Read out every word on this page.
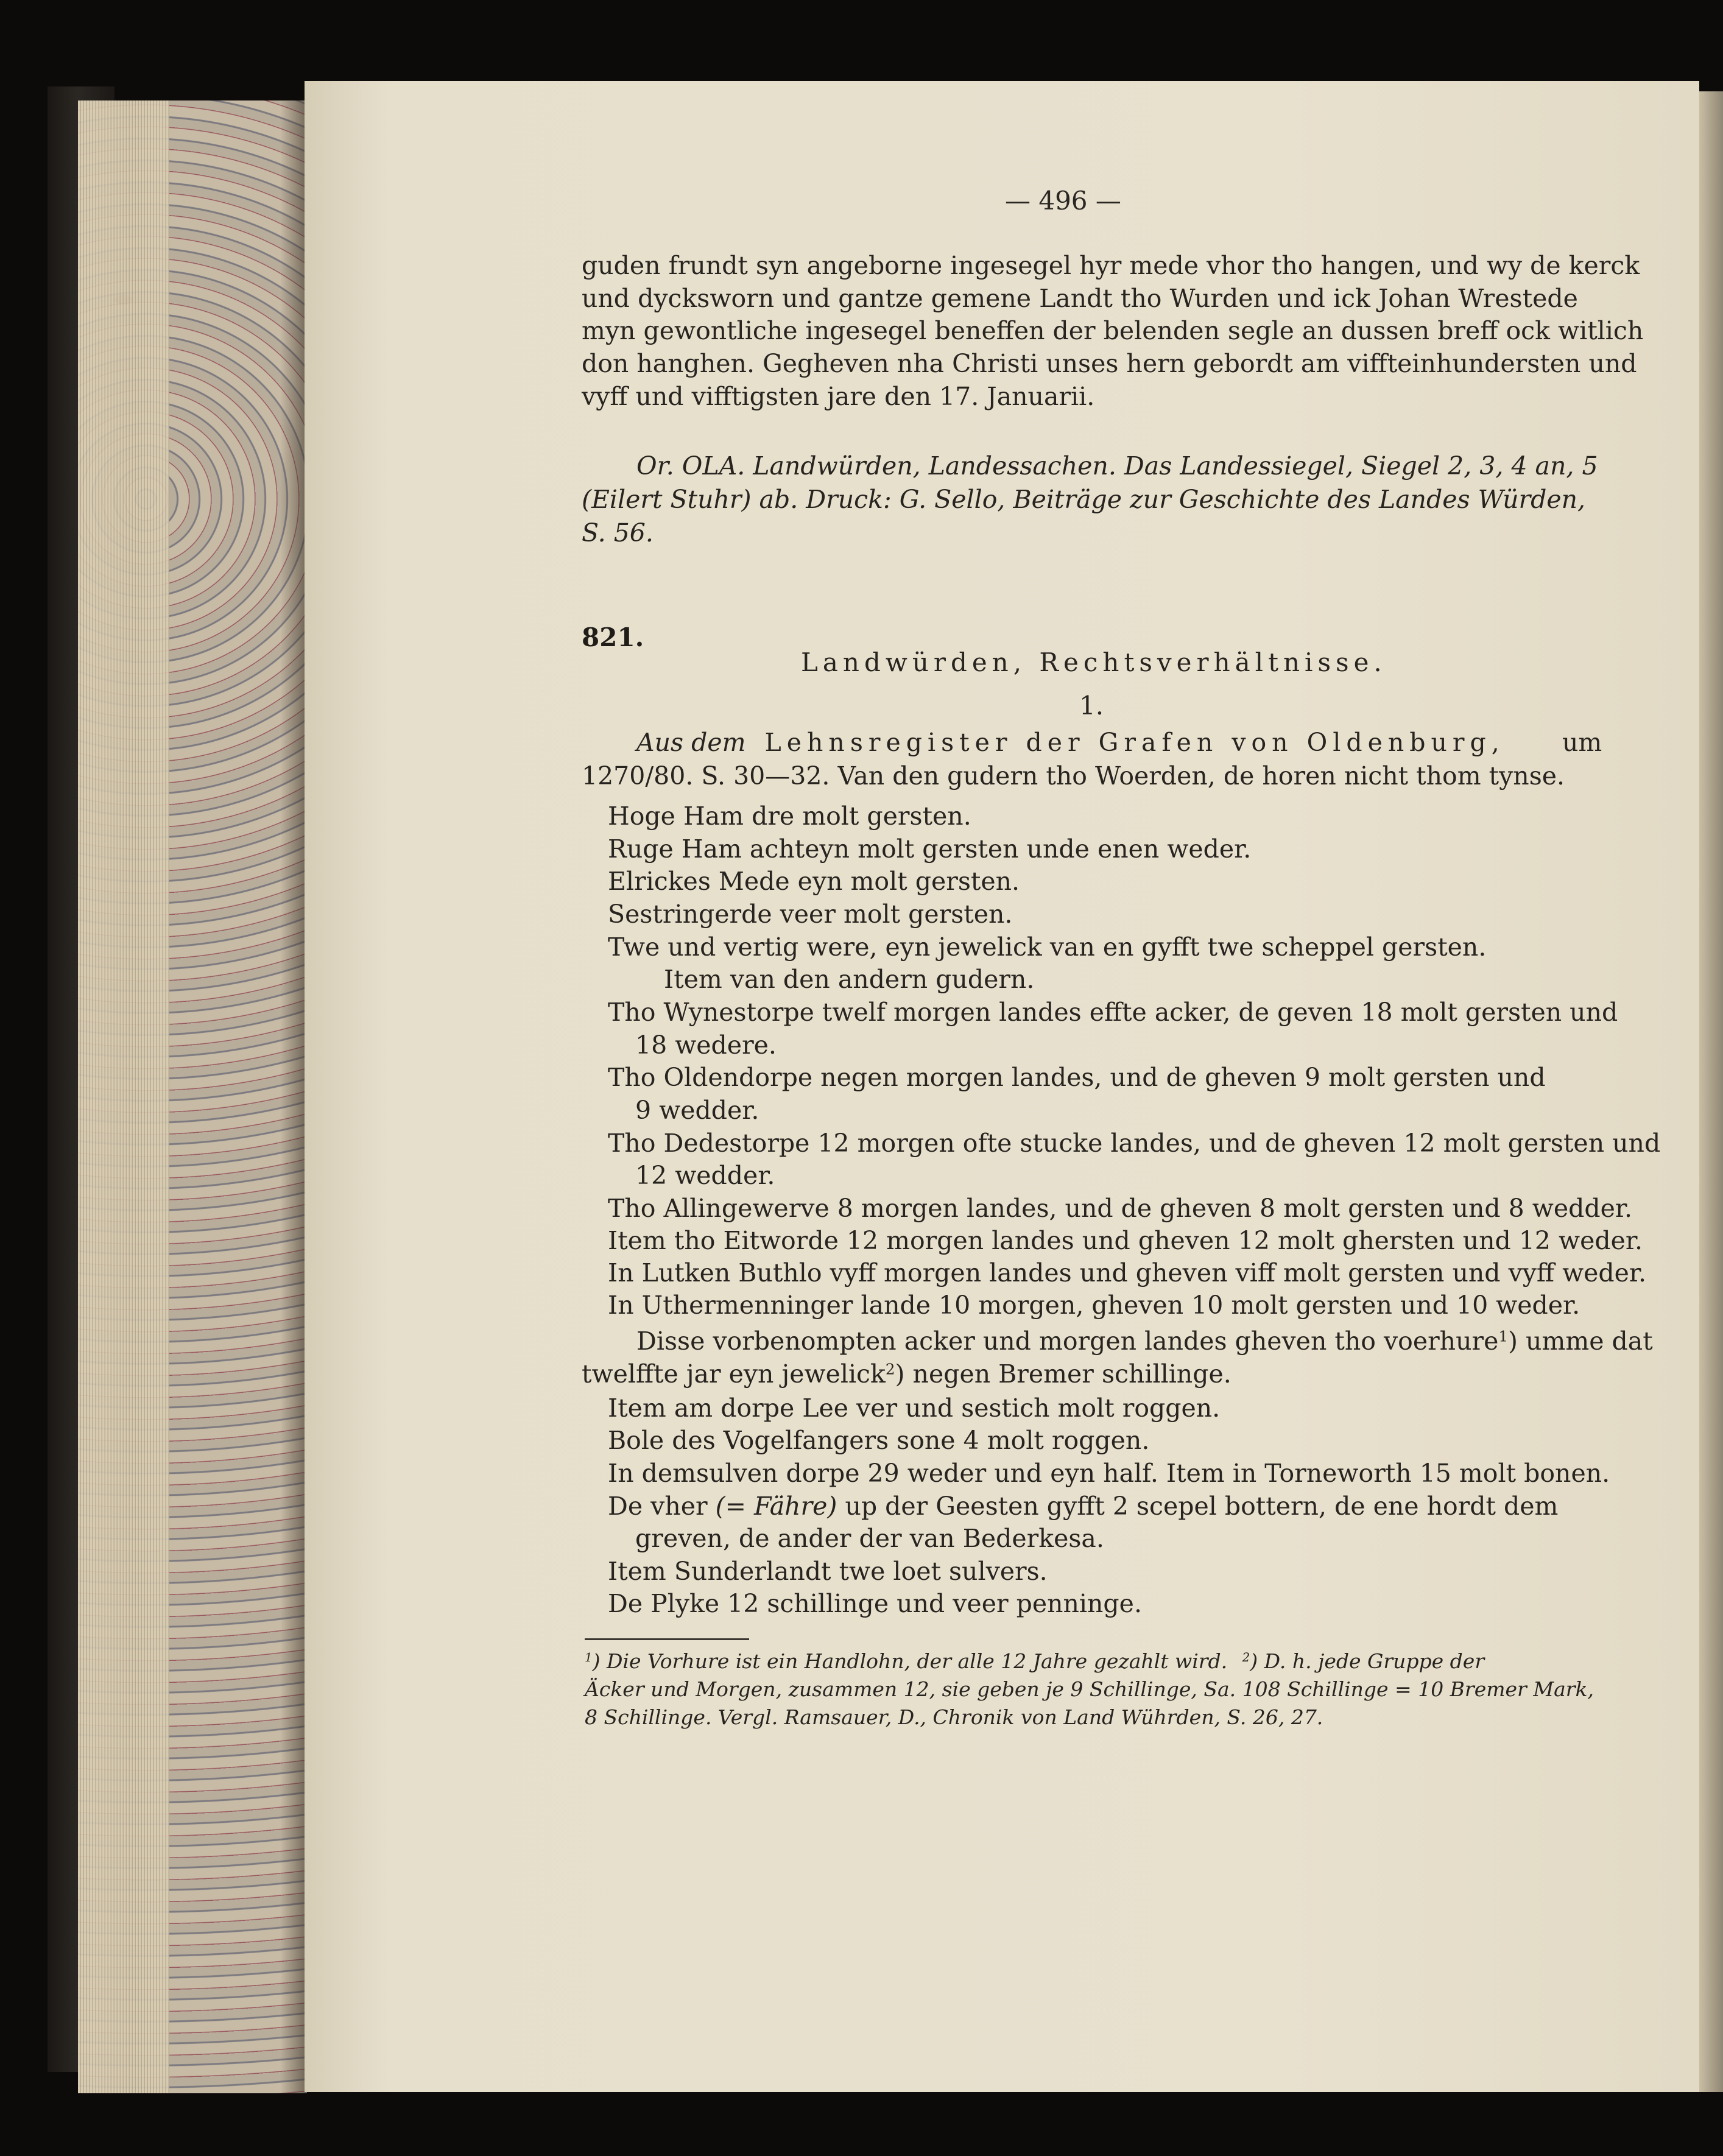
— 496 —
guden frundt syn angeborne ingesegel hyr mede vhor tho hangen, und wy de kerck
und dycksworn und gantze gemene Landt tho Wurden und ick Johan Wrestede
myn gewontliche ingesegel beneffen der belenden segle an dussen breff ock witlich
don hanghen. Gegheven nha Christi unses hern gebordt am viffteinhundersten und
vyff und vifftigsten jare den 17. Januarii.
Or. OLA. Landwürden, Landessachen. Das Landessiegel, Siegel 2, 3, 4 an, 5
(Eilert Stuhr) ab. Druck: G. Sello, Beiträge zur Geschichte des Landes Würden,
S. 56.
821.
Landwürden, Rechtsverhältnisse.
1.
Aus dem Lehnsregister der Grafen von Oldenburg, um
1270/80. S. 30—32. Van den gudern tho Woerden, de horen nicht thom tynse.
Hoge Ham dre molt gersten.
Ruge Ham achteyn molt gersten unde enen weder.
Elrickes Mede eyn molt gersten.
Sestringerde veer molt gersten.
Twe und vertig were, eyn jewelick van en gyfft twe scheppel gersten.
Item van den andern gudern.
Tho Wynestorpe twelf morgen landes effte acker, de geven 18 molt gersten und
18 wedere.
Tho Oldendorpe negen morgen landes, und de gheven 9 molt gersten und
9 wedder.
Tho Dedestorpe 12 morgen ofte stucke landes, und de gheven 12 molt gersten und
12 wedder.
Tho Allingewerve 8 morgen landes, und de gheven 8 molt gersten und 8 wedder.
Item tho Eitworde 12 morgen landes und gheven 12 molt ghersten und 12 weder.
In Lutken Buthlo vyff morgen landes und gheven viff molt gersten und vyff weder.
In Uthermenninger lande 10 morgen, gheven 10 molt gersten und 10 weder.
Disse vorbenompten acker und morgen landes gheven tho voerhure$^1$) umme dat
twelffte jar eyn jewelick$^2$) negen Bremer schillinge.
Item am dorpe Lee ver und sestich molt roggen.
Bole des Vogelfangers sone 4 molt roggen.
In demsulven dorpe 29 weder und eyn half. Item in Torneworth 15 molt bonen.
De vher (= Fähre) up der Geesten gyfft 2 scepel bottern, de ene hordt dem
greven, de ander der van Bederkesa.
Item Sunderlandt twe loet sulvers.
De Plyke 12 schillinge und veer penninge.
$^1$) Die Vorhure ist ein Handlohn, der alle 12 Jahre gezahlt wird. $^2$) D. h. jede Gruppe der
Äcker und Morgen, zusammen 12, sie geben je 9 Schillinge, Sa. 108 Schillinge = 10 Bremer Mark,
8 Schillinge. Vergl. Ramsauer, D., Chronik von Land Wührden, S. 26, 27.
